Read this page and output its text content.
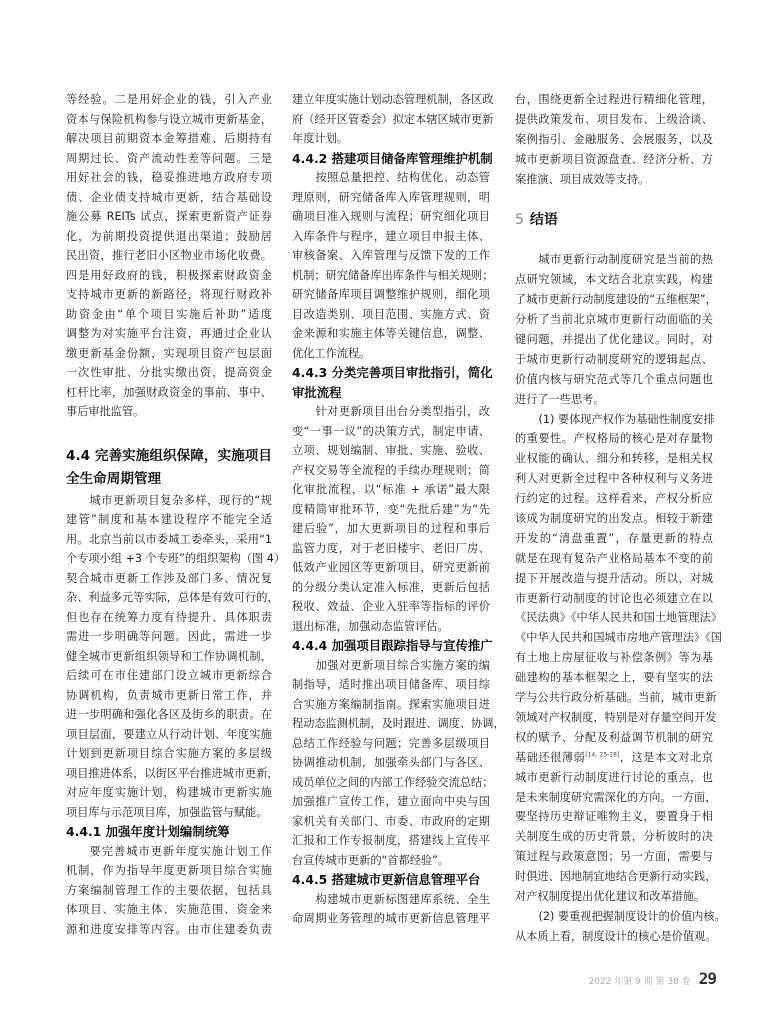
等经验。二是用好企业的钱，引入产业
资本与保险机构参与设立城市更新基金，
解决项目前期资本金筹措难、后期持有
周期过长、资产流动性差等问题。三是
用好社会的钱，稳妥推进地方政府专项
债、企业债支持城市更新，结合基础设
施公募 REITs 试点，探索更新资产证券
化，为前期投资提供退出渠道；鼓励居
民出资，推行老旧小区物业市场化收费。
四是用好政府的钱，积极探索财政资金
支持城市更新的新路径，将现行财政补
助资金由“单个项目实施后补助”适度
调整为对实施平台注资，再通过企业认
缴更新基金份额，实现项目资产包层面
一次性审批、分批实缴出资，提高资金
杠杆比率，加强财政资金的事前、事中、
事后审批监管。
4.4 完善实施组织保障，实施项目
全生命周期管理
城市更新项目复杂多样，现行的“规
建管”制度和基本建设程序不能完全适
用。北京当前以市委城工委牵头，采用“1
个专项小组 +3 个专班”的组织架构（图 4）
契合城市更新工作涉及部门多、情况复
杂、利益多元等实际，总体是有效可行的，
但也存在统筹力度有待提升、具体职责
需进一步明确等问题。因此，需进一步
健全城市更新组织领导和工作协调机制，
后续可在市住建部门设立城市更新综合
协调机构，负责城市更新日常工作，并
进一步明确和强化各区及街乡的职责。在
项目层面，要建立从行动计划、年度实施
计划到更新项目综合实施方案的多层级
项目推进体系，以街区平台推进城市更新，
对应年度实施计划，构建城市更新实施
项目库与示范项目库，加强监管与赋能。
4.4.1 加强年度计划编制统筹
要完善城市更新年度实施计划工作
机制，作为指导年度更新项目综合实施
方案编制管理工作的主要依据，包括具
体项目、实施主体、实施范围、资金来
源和进度安排等内容。由市住建委负责
建立年度实施计划动态管理机制，各区政
府（经开区管委会）拟定本辖区城市更新
年度计划。
4.4.2 搭建项目储备库管理维护机制
按照总量把控、结构优化、动态管
理原则，研究储备库入库管理规则，明
确项目准入规则与流程；研究细化项目
入库条件与程序，建立项目申报主体、
审核备案、入库管理与反馈下发的工作
机制；研究储备库出库条件与相关规则；
研究储备库项目调整维护规则，细化项
目改造类别、项目范围、实施方式、资
金来源和实施主体等关键信息，调整、
优化工作流程。
4.4.3 分类完善项目审批指引，简化
审批流程
针对更新项目出台分类型指引，改
变“一事一议”的决策方式，制定申请、
立项、规划编制、审批、实施、验收、
产权交易等全流程的手续办理规则；简
化审批流程，以“标准 + 承诺”最大限
度精简审批环节，变“先批后建”为“先
建后验”，加大更新项目的过程和事后
监管力度，对于老旧楼宇、老旧厂房、
低效产业园区等更新项目，研究更新前
的分级分类认定准入标准，更新后包括
税收、效益、企业入驻率等指标的评价
退出标准，加强动态监管评估。
4.4.4 加强项目跟踪指导与宣传推广
加强对更新项目综合实施方案的编
制指导，适时推出项目储备库、项目综
合实施方案编制指南。探索实施项目进
程动态监测机制，及时跟进、调度、协调，
总结工作经验与问题；完善多层级项目
协调推动机制，加强牵头部门与各区、
成员单位之间的内部工作经验交流总结；
加强推广宣传工作，建立面向中央与国
家机关有关部门、市委、市政府的定期
汇报和工作专报制度，搭建线上宣传平
台宣传城市更新的“首都经验”。
4.4.5 搭建城市更新信息管理平台
构建城市更新标图建库系统、全生
命周期业务管理的城市更新信息管理平
台，围绕更新全过程进行精细化管理，
提供政策发布、项目发布、上级洽谈、
案例指引、金融服务、会展服务，以及
城市更新项目资源盘查、经济分析、方
案推演、项目成效等支持。
5 结语
城市更新行动制度研究是当前的热
点研究领域，本文结合北京实践，构建
了城市更新行动制度建设的“五维框架”，
分析了当前北京城市更新行动面临的关
键问题，并提出了优化建议。同时，对
于城市更新行动制度研究的逻辑起点、
价值内核与研究范式等几个重点问题也
进行了一些思考。
(1) 要体现产权作为基础性制度安排
的重要性。产权格局的核心是对存量物
业权能的确认、细分和转移，是相关权
利人对更新全过程中各种权利与义务进
行约定的过程。这样看来，产权分析应
该成为制度研究的出发点。相较于新建
开发的“清盘重置”，存量更新的特点
就是在现有复杂产业格局基本不变的前
提下开展改造与提升活动。所以，对城
市更新行动制度的讨论也必须建立在以
《民法典》《中华人民共和国土地管理法》
《中华人民共和国城市房地产管理法》《国
有土地上房屋征收与补偿条例》等为基
础建构的基本框架之上，要有坚实的法
学与公共行政分析基础。当前，城市更新
领域对产权制度，特别是对存量空间开发
权的赋予、分配及利益调节机制的研究
基础还很薄弱[14, 25-28]，这是本文对北京
城市更新行动制度进行讨论的重点，也
是未来制度研究需深化的方向。一方面，
要坚持历史辩证唯物主义，要置身于相
关制度生成的历史背景，分析彼时的决
策过程与政策意图；另一方面，需要与
时俱进、因地制宜地结合更新行动实践，
对产权制度提出优化建议和改革措施。
(2) 要重视把握制度设计的价值内核。
从本质上看，制度设计的核心是价值观。
2022 年第 9 期 第 38 卷 29
